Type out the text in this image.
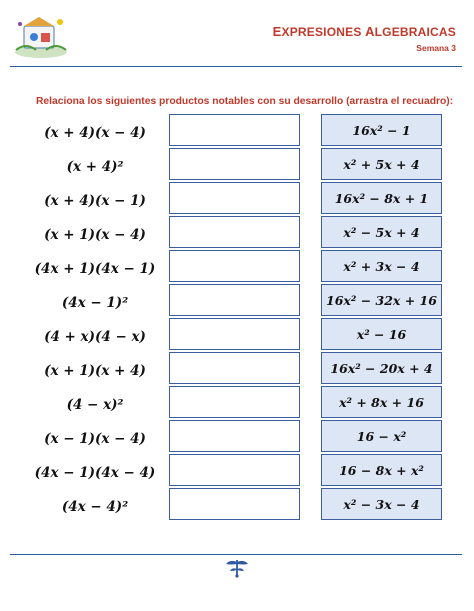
EXPRESIONES ALGEBRAICAS
Semana 3
Relaciona los siguientes productos notables con su desarrollo (arrastra el recuadro):
(x + 4)(x − 4)
(x + 4)²
(x + 4)(x − 1)
(x + 1)(x − 4)
(4x + 1)(4x − 1)
(4x − 1)²
(4 + x)(4 − x)
(x + 1)(x + 4)
(4 − x)²
(x − 1)(x − 4)
(4x − 1)(4x − 4)
(4x − 4)²
16x² − 1
x² + 5x + 4
16x² − 8x + 1
x² − 5x + 4
x² + 3x − 4
16x² − 32x + 16
x² − 16
16x² − 20x + 4
x² + 8x + 16
16 − x²
16 − 8x + x²
x² − 3x − 4
